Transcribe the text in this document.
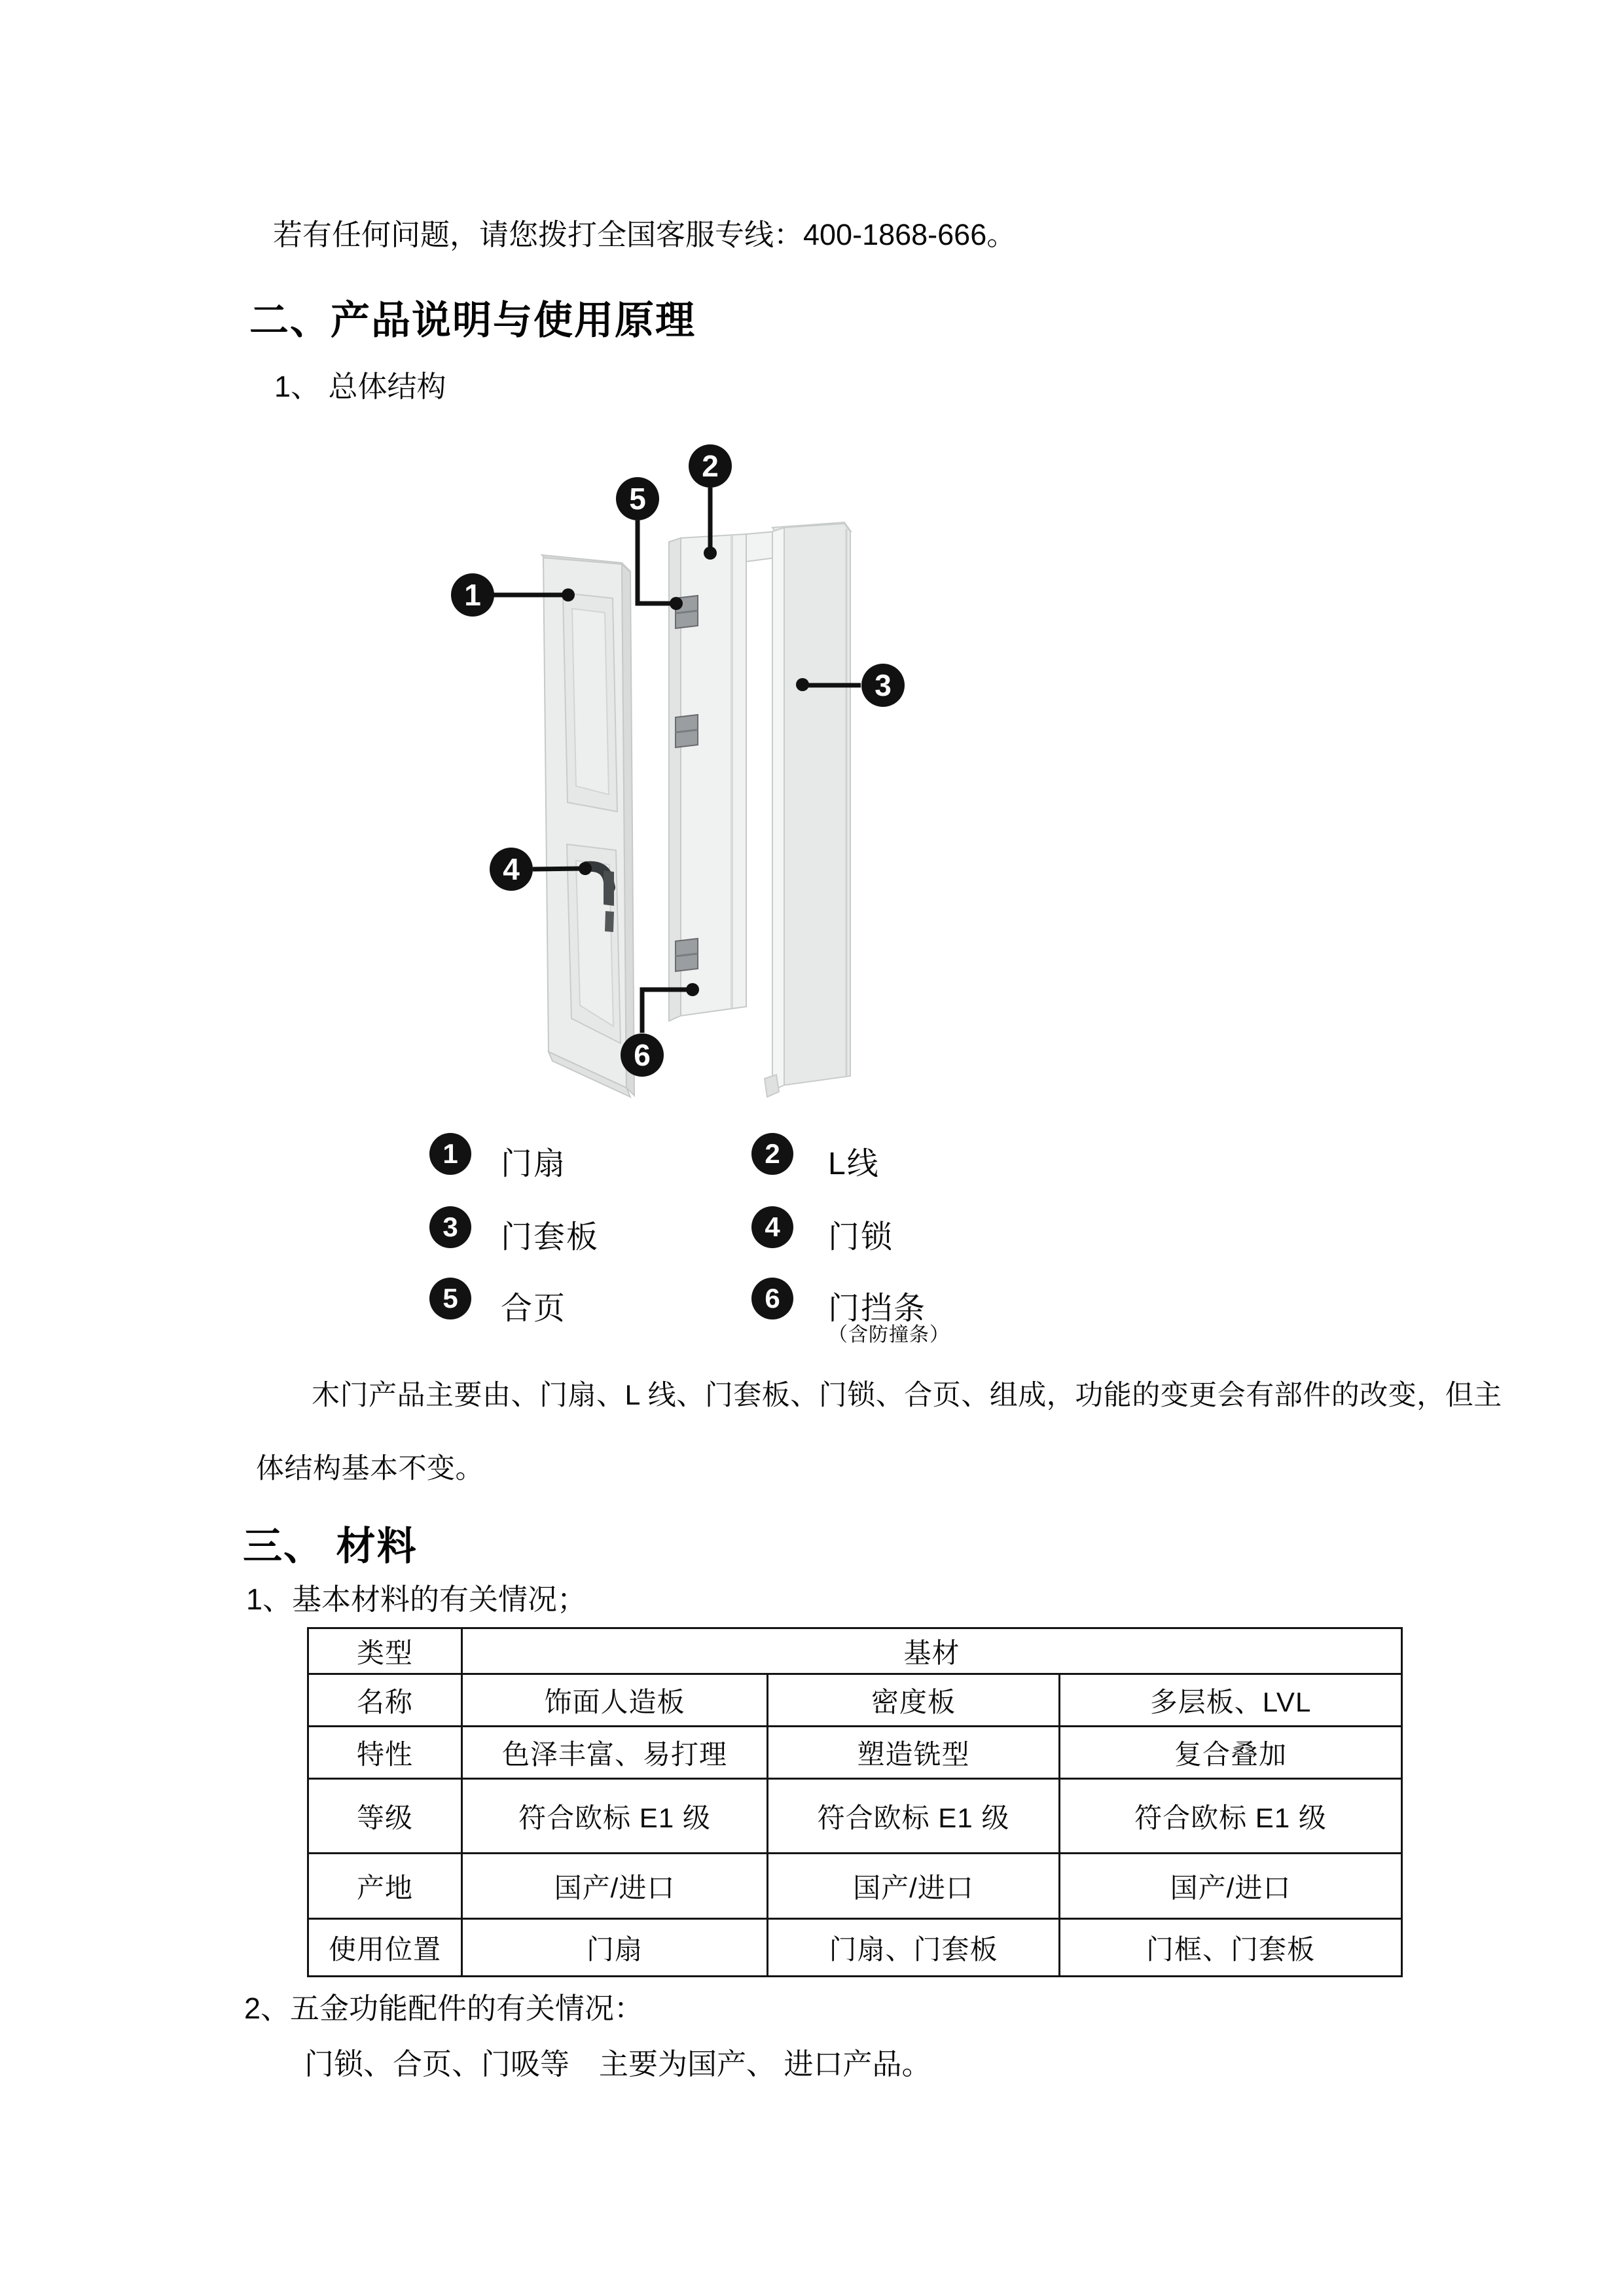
若有任何问题，请您拨打全国客服专线：400-1868-666。
二、产品说明与使用原理
1、 总体结构
1
2
3
4
5
6
1	门扇	2	L线
3	门套板	4	门锁
5	合页	6	门挡条
（含防撞条）
木门产品主要由、门扇、L 线、门套板、门锁、合页、组成，功能的变更会有部件的改变，但主
体结构基本不变。
三、 材料
1、基本材料的有关情况；
类型	基材		
名称	饰面人造板	密度板	多层板、LVL
特性	色泽丰富、易打理	塑造铣型	复合叠加
等级	符合欧标 E1 级	符合欧标 E1 级	符合欧标 E1 级
产地	国产/进口	国产/进口	国产/进口
使用位置	门扇	门扇、门套板	门框、门套板
2、五金功能配件的有关情况：
门锁、合页、门吸等　主要为国产、 进口产品。
